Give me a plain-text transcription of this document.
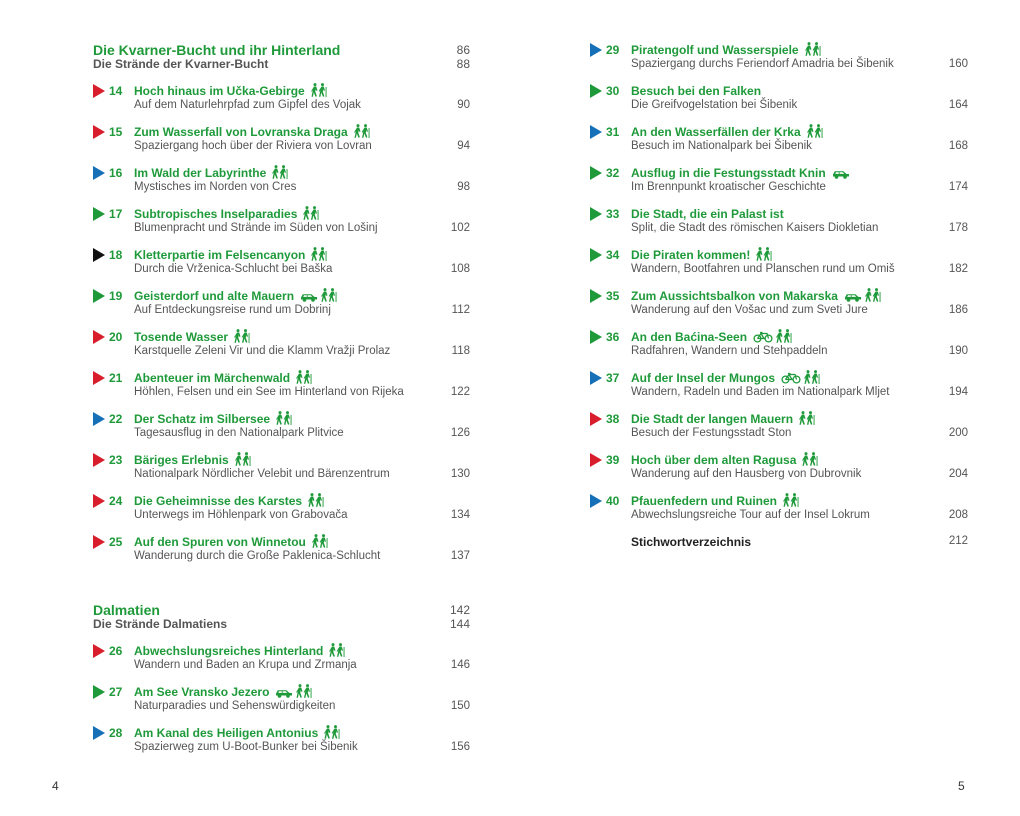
Die Kvarner-Bucht und ihr Hinterland	86
Die Strände der Kvarner-Bucht	88
14 Hoch hinaus im Učka-Gebirge
Auf dem Naturlehrpfad zum Gipfel des Vojak	90
15 Zum Wasserfall von Lovranska Draga
Spaziergang hoch über der Riviera von Lovran	94
16 Im Wald der Labyrinthe
Mystisches im Norden von Cres	98
17 Subtropisches Inselparadies
Blumenpracht und Strände im Süden von Lošinj	102
18 Kletterpartie im Felsencanyon
Durch die Vrženica-Schlucht bei Baška	108
19 Geisterdorf und alte Mauern
Auf Entdeckungsreise rund um Dobrinj	112
20 Tosende Wasser
Karstquelle Zeleni Vir und die Klamm Vražji Prolaz	118
21 Abenteuer im Märchenwald
Höhlen, Felsen und ein See im Hinterland von Rijeka	122
22 Der Schatz im Silbersee
Tagesausflug in den Nationalpark Plitvice	126
23 Bäriges Erlebnis
Nationalpark Nördlicher Velebit und Bärenzentrum	130
24 Die Geheimnisse des Karstes
Unterwegs im Höhlenpark von Grabovača	134
25 Auf den Spuren von Winnetou
Wanderung durch die Große Paklenica-Schlucht	137
Dalmatien	142
Die Strände Dalmatiens	144
26 Abwechslungsreiches Hinterland
Wandern und Baden an Krupa und Zrmanja	146
27 Am See Vransko Jezero
Naturparadies und Sehenswürdigkeiten	150
28 Am Kanal des Heiligen Antonius
Spazierweg zum U-Boot-Bunker bei Šibenik	156
29 Piratengolf und Wasserspiele
Spaziergang durchs Feriendorf Amadria bei Šibenik	160
30 Besuch bei den Falken
Die Greifvogelstation bei Šibenik	164
31 An den Wasserfällen der Krka
Besuch im Nationalpark bei Šibenik	168
32 Ausflug in die Festungsstadt Knin
Im Brennpunkt kroatischer Geschichte	174
33 Die Stadt, die ein Palast ist
Split, die Stadt des römischen Kaisers Diokletian	178
34 Die Piraten kommen!
Wandern, Bootfahren und Planschen rund um Omiš	182
35 Zum Aussichtsbalkon von Makarska
Wanderung auf den Vošac und zum Sveti Jure	186
36 An den Baćina-Seen
Radfahren, Wandern und Stehpaddeln	190
37 Auf der Insel der Mungos
Wandern, Radeln und Baden im Nationalpark Mljet	194
38 Die Stadt der langen Mauern
Besuch der Festungsstadt Ston	200
39 Hoch über dem alten Ragusa
Wanderung auf den Hausberg von Dubrovnik	204
40 Pfauenfedern und Ruinen
Abwechslungsreiche Tour auf der Insel Lokrum	208
Stichwortverzeichnis	212
4	5
